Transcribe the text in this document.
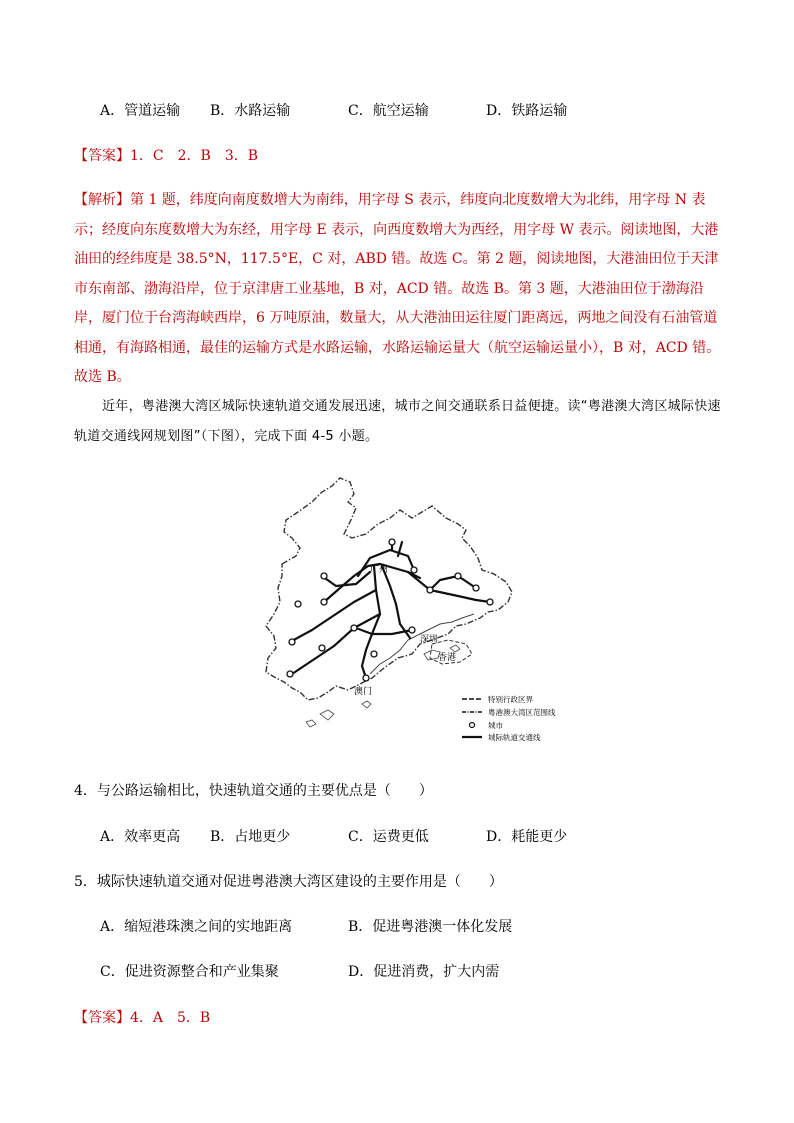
A．管道运输 B．水路运输	C．航空运输	D．铁路运输
【答案】1．C　2．B　3．B
【解析】第 1 题，纬度向南度数增大为南纬，用字母 S 表示，纬度向北度数增大为北纬，用字母 N 表示；经度向东度数增大为东经，用字母 E 表示，向西度数增大为西经，用字母 W 表示。阅读地图，大港油田的经纬度是 38.5°N，117.5°E，C 对，ABD 错。故选 C。第 2 题，阅读地图，大港油田位于天津市东南部、渤海沿岸，位于京津唐工业基地，B 对，ACD 错。故选 B。第 3 题，大港油田位于渤海沿岸，厦门位于台湾海峡西岸，6 万吨原油，数量大，从大港油田运往厦门距离远，两地之间没有石油管道相通，有海路相通，最佳的运输方式是水路运输，水路运输运量大（航空运输运量小），B 对，ACD 错。故选 B。
近年，粤港澳大湾区城际快速轨道交通发展迅速，城市之间交通联系日益便捷。读“粤港澳大湾区城际快速轨道交通线网规划图”（下图），完成下面 4-5 小题。
广州
深圳
香港
澳门
特别行政区界
粤港澳大湾区范围线
城市
城际轨道交通线
4．与公路运输相比，快速轨道交通的主要优点是（　　）
A．效率更高 B．占地更少	C．运费更低	D．耗能更少
5．城际快速轨道交通对促进粤港澳大湾区建设的主要作用是（　　）
A．缩短港珠澳之间的实地距离	B．促进粤港澳一体化发展
C．促进资源整合和产业集聚	D．促进消费，扩大内需
【答案】4．A　5．B
